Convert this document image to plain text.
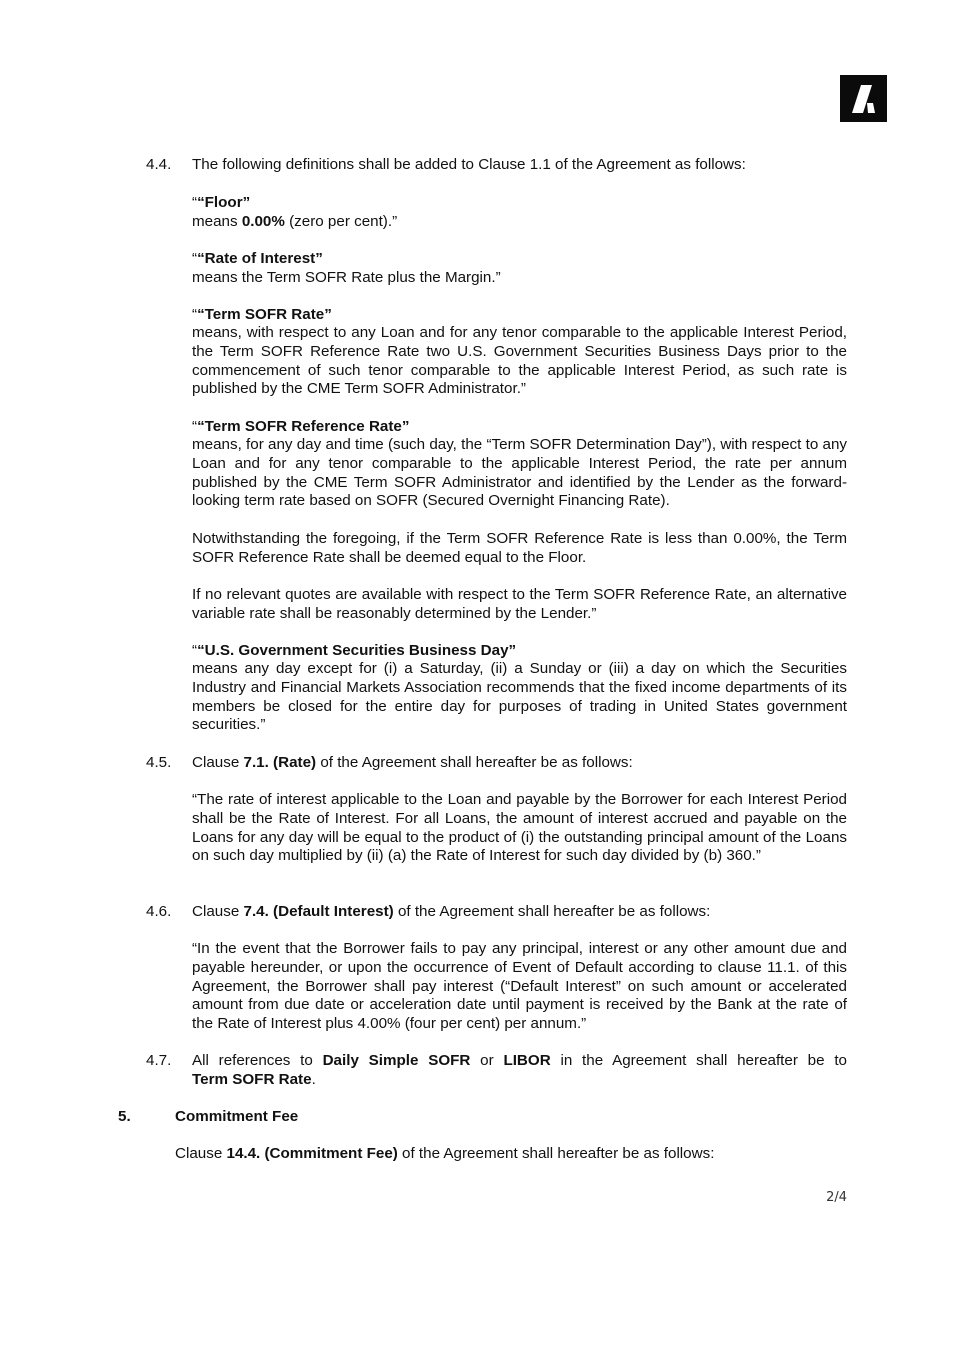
4.4. The following definitions shall be added to Clause 1.1 of the Agreement as follows:
““Floor”
means 0.00% (zero per cent).”
““Rate of Interest”
means the Term SOFR Rate plus the Margin.”
““Term SOFR Rate”
means, with respect to any Loan and for any tenor comparable to the applicable Interest Period, the Term SOFR Reference Rate two U.S. Government Securities Business Days prior to the commencement of such tenor comparable to the applicable Interest Period, as such rate is published by the CME Term SOFR Administrator.”
““Term SOFR Reference Rate”
means, for any day and time (such day, the “Term SOFR Determination Day”), with respect to any Loan and for any tenor comparable to the applicable Interest Period, the rate per annum published by the CME Term SOFR Administrator and identified by the Lender as the forward-looking term rate based on SOFR (Secured Overnight Financing Rate).
Notwithstanding the foregoing, if the Term SOFR Reference Rate is less than 0.00%, the Term SOFR Reference Rate shall be deemed equal to the Floor.
If no relevant quotes are available with respect to the Term SOFR Reference Rate, an alternative variable rate shall be reasonably determined by the Lender.”
““U.S. Government Securities Business Day”
means any day except for (i) a Saturday, (ii) a Sunday or (iii) a day on which the Securities Industry and Financial Markets Association recommends that the fixed income departments of its members be closed for the entire day for purposes of trading in United States government securities.”
4.5. Clause 7.1. (Rate) of the Agreement shall hereafter be as follows:
“The rate of interest applicable to the Loan and payable by the Borrower for each Interest Period shall be the Rate of Interest. For all Loans, the amount of interest accrued and payable on the Loans for any day will be equal to the product of (i) the outstanding principal amount of the Loans on such day multiplied by (ii) (a) the Rate of Interest for such day divided by (b) 360.”
4.6. Clause 7.4. (Default Interest) of the Agreement shall hereafter be as follows:
“In the event that the Borrower fails to pay any principal, interest or any other amount due and payable hereunder, or upon the occurrence of Event of Default according to clause 11.1. of this Agreement, the Borrower shall pay interest (“Default Interest” on such amount or accelerated amount from due date or acceleration date until payment is received by the Bank at the rate of the Rate of Interest plus 4.00% (four per cent) per annum.”
4.7. All references to Daily Simple SOFR or LIBOR in the Agreement shall hereafter be to
Term SOFR Rate.
5.	Commitment Fee
Clause 14.4. (Commitment Fee) of the Agreement shall hereafter be as follows:
2/4
